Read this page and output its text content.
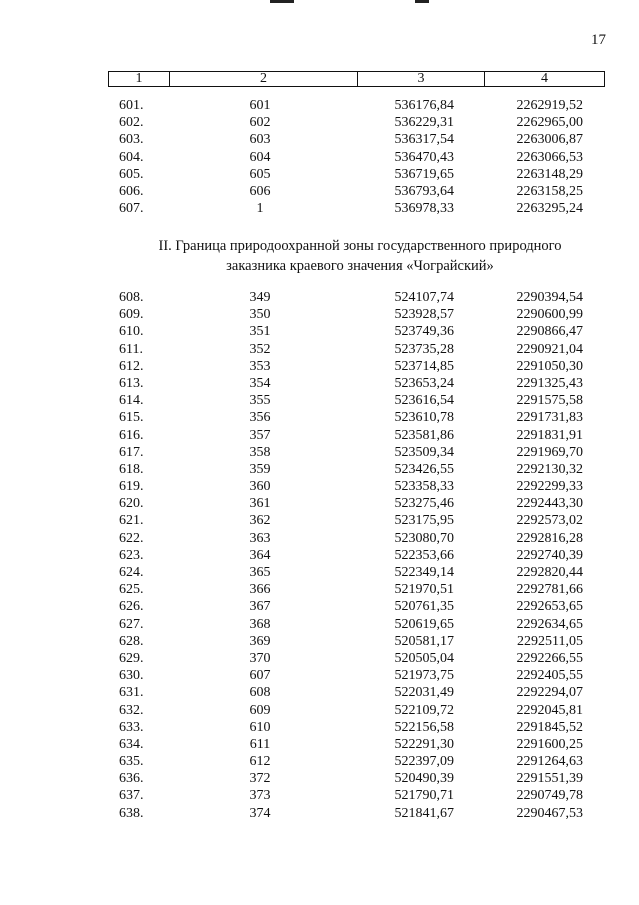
17
1	2	3	4
601.	601	536176,84	2262919,52
602.	602	536229,31	2262965,00
603.	603	536317,54	2263006,87
604.	604	536470,43	2263066,53
605.	605	536719,65	2263148,29
606.	606	536793,64	2263158,25
607.	1	536978,33	2263295,24
II. Граница природоохранной зоны государственного природного
заказника краевого значения «Чограйский»
608.	349	524107,74	2290394,54
609.	350	523928,57	2290600,99
610.	351	523749,36	2290866,47
611.	352	523735,28	2290921,04
612.	353	523714,85	2291050,30
613.	354	523653,24	2291325,43
614.	355	523616,54	2291575,58
615.	356	523610,78	2291731,83
616.	357	523581,86	2291831,91
617.	358	523509,34	2291969,70
618.	359	523426,55	2292130,32
619.	360	523358,33	2292299,33
620.	361	523275,46	2292443,30
621.	362	523175,95	2292573,02
622.	363	523080,70	2292816,28
623.	364	522353,66	2292740,39
624.	365	522349,14	2292820,44
625.	366	521970,51	2292781,66
626.	367	520761,35	2292653,65
627.	368	520619,65	2292634,65
628.	369	520581,17	2292511,05
629.	370	520505,04	2292266,55
630.	607	521973,75	2292405,55
631.	608	522031,49	2292294,07
632.	609	522109,72	2292045,81
633.	610	522156,58	2291845,52
634.	611	522291,30	2291600,25
635.	612	522397,09	2291264,63
636.	372	520490,39	2291551,39
637.	373	521790,71	2290749,78
638.	374	521841,67	2290467,53
